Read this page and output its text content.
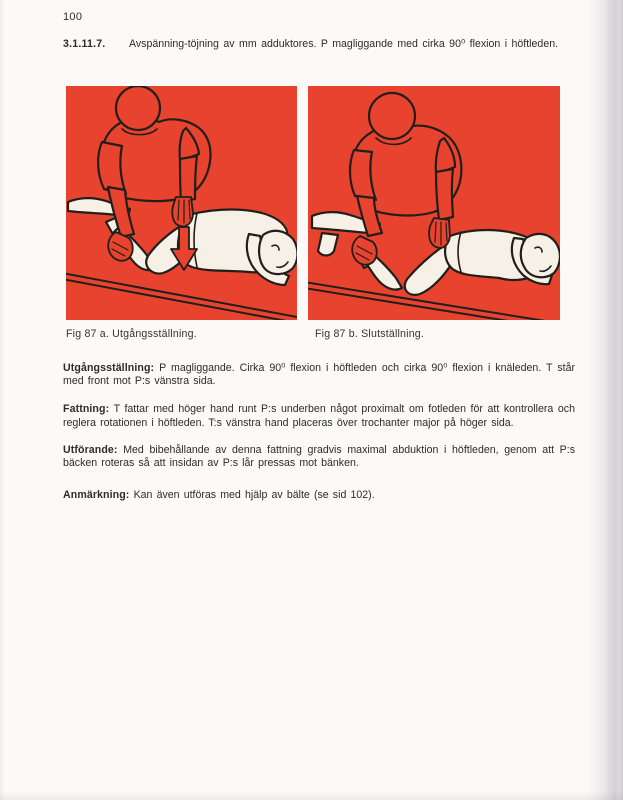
100
3.1.11.7.	Avspänning-töjning av mm adduktores. P magliggande med cirka 90⁰ flexion i höftleden.
Fig 87 a. Utgångsställning.	Fig 87 b. Slutställning.

Utgångsställning: P magliggande. Cirka 90⁰ flexion i höftleden och cirka 90⁰ flexion i knäleden. T står med front mot P:s vänstra sida.

Fattning: T fattar med höger hand runt P:s underben något proximalt om fotleden för att kontrollera och reglera rotationen i höftleden. T:s vänstra hand placeras över trochanter major på höger sida.

Utförande: Med bibehållande av denna fattning gradvis maximal abduktion i höftleden, genom att P:s bäcken roteras så att insidan av P:s lår pressas mot bänken.

Anmärkning: Kan även utföras med hjälp av bälte (se sid 102).
